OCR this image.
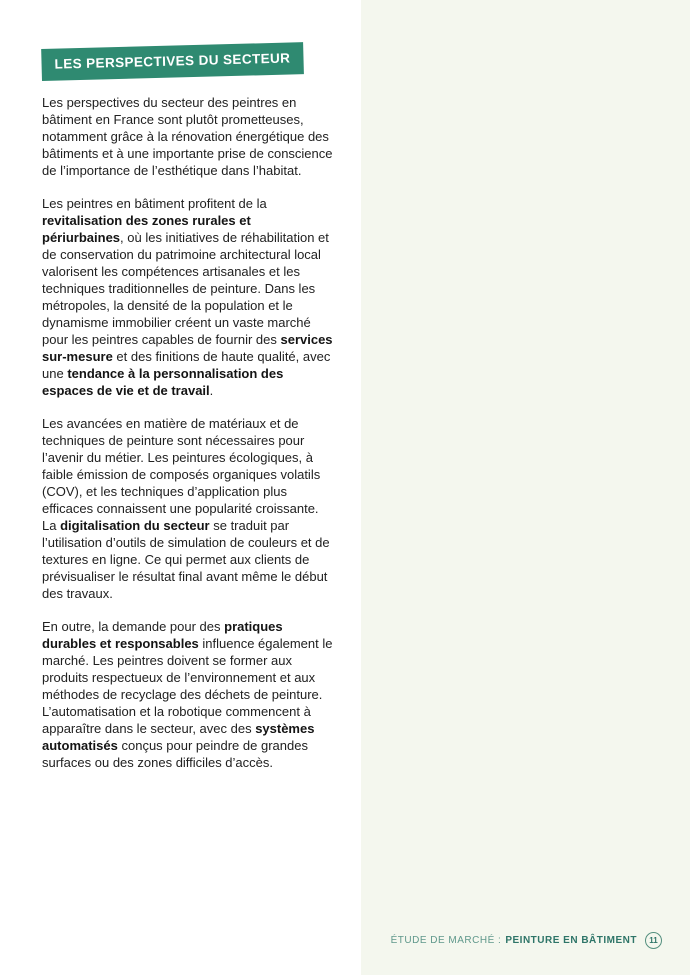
LES PERSPECTIVES DU SECTEUR

Les perspectives du secteur des peintres en bâtiment en France sont plutôt prometteuses, notamment grâce à la rénovation énergétique des bâtiments et à une importante prise de conscience de l’importance de l’esthétique dans l’habitat.

Les peintres en bâtiment profitent de la revitalisation des zones rurales et périurbaines, où les initiatives de réhabilitation et de conservation du patrimoine architectural local valorisent les compétences artisanales et les techniques traditionnelles de peinture. Dans les métropoles, la densité de la population et le dynamisme immobilier créent un vaste marché pour les peintres capables de fournir des services sur-mesure et des finitions de haute qualité, avec une tendance à la personnalisation des espaces de vie et de travail.

Les avancées en matière de matériaux et de techniques de peinture sont nécessaires pour l’avenir du métier. Les peintures écologiques, à faible émission de composés organiques volatils (COV), et les techniques d’application plus efficaces connaissent une popularité croissante. La digitalisation du secteur se traduit par l’utilisation d’outils de simulation de couleurs et de textures en ligne. Ce qui permet aux clients de prévisualiser le résultat final avant même le début des travaux.

En outre, la demande pour des pratiques durables et responsables influence également le marché. Les peintres doivent se former aux produits respectueux de l’environnement et aux méthodes de recyclage des déchets de peinture. L’automatisation et la robotique commencent à apparaître dans le secteur, avec des systèmes automatisés conçus pour peindre de grandes surfaces ou des zones difficiles d’accès.

ÉTUDE DE MARCHÉ : PEINTURE EN BÂTIMENT 11
